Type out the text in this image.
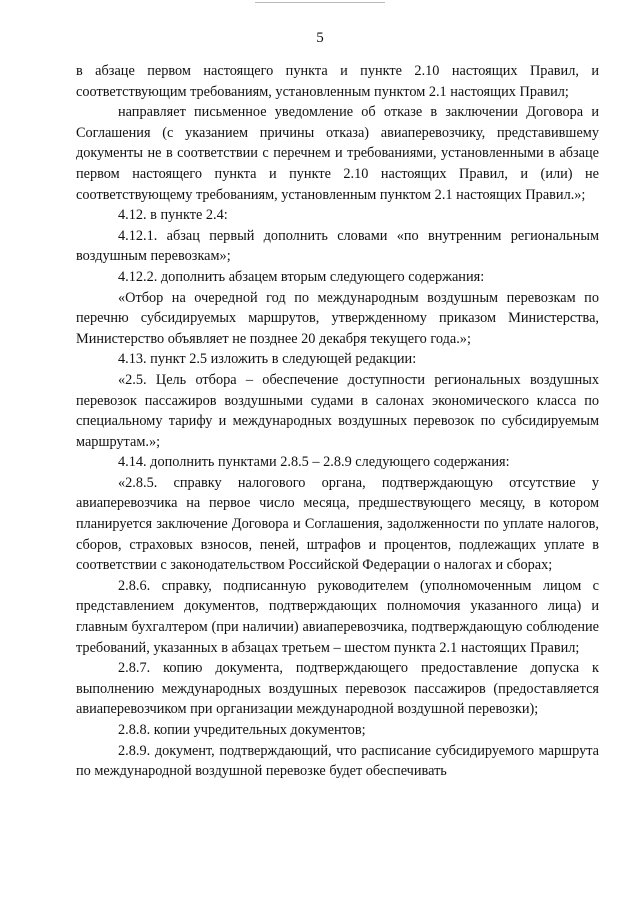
5

в абзаце первом настоящего пункта и пункте 2.10 настоящих Правил, и соответствующим требованиям, установленным пунктом 2.1 настоящих Правил;

направляет письменное уведомление об отказе в заключении Договора и Соглашения (с указанием причины отказа) авиаперевозчику, представившему документы не в соответствии с перечнем и требованиями, установленными в абзаце первом настоящего пункта и пункте 2.10 настоящих Правил, и (или) не соответствующему требованиям, установленным пунктом 2.1 настоящих Правил.»;

4.12. в пункте 2.4:

4.12.1. абзац первый дополнить словами «по внутренним региональным воздушным перевозкам»;

4.12.2. дополнить абзацем вторым следующего содержания:

«Отбор на очередной год по международным воздушным перевозкам по перечню субсидируемых маршрутов, утвержденному приказом Министерства, Министерство объявляет не позднее 20 декабря текущего года.»;

4.13. пункт 2.5 изложить в следующей редакции:

«2.5. Цель отбора – обеспечение доступности региональных воздушных перевозок пассажиров воздушными судами в салонах экономического класса по специальному тарифу и международных воздушных перевозок по субсидируемым маршрутам.»;

4.14. дополнить пунктами 2.8.5 – 2.8.9 следующего содержания:

«2.8.5. справку налогового органа, подтверждающую отсутствие у авиаперевозчика на первое число месяца, предшествующего месяцу, в котором планируется заключение Договора и Соглашения, задолженности по уплате налогов, сборов, страховых взносов, пеней, штрафов и процентов, подлежащих уплате в соответствии с законодательством Российской Федерации о налогах и сборах;

2.8.6. справку, подписанную руководителем (уполномоченным лицом с представлением документов, подтверждающих полномочия указанного лица) и главным бухгалтером (при наличии) авиаперевозчика, подтверждающую соблюдение требований, указанных в абзацах третьем – шестом пункта 2.1 настоящих Правил;

2.8.7. копию документа, подтверждающего предоставление допуска к выполнению международных воздушных перевозок пассажиров (предоставляется авиаперевозчиком при организации международной воздушной перевозки);

2.8.8. копии учредительных документов;

2.8.9. документ, подтверждающий, что расписание субсидируемого маршрута по международной воздушной перевозке будет обеспечивать
